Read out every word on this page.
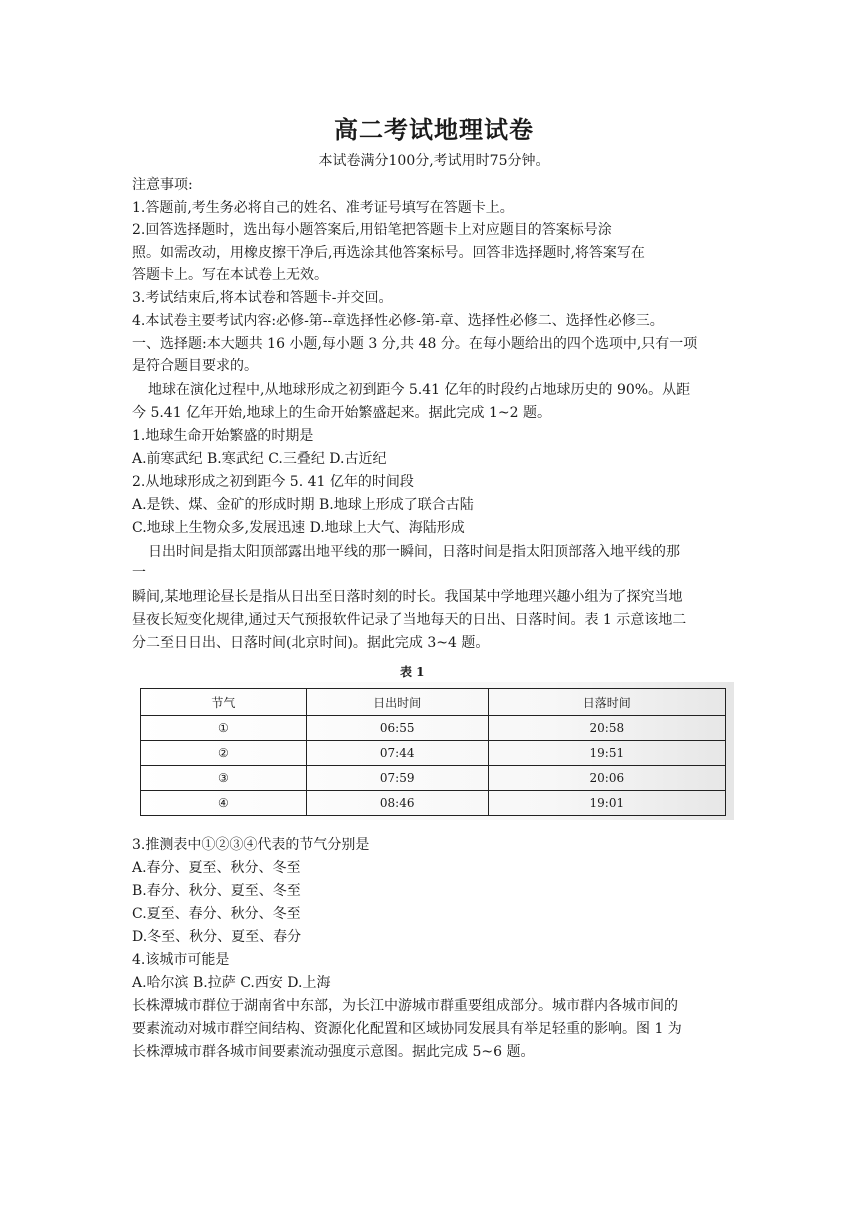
高二考试地理试卷
本试卷满分100分,考试用时75分钟。
注意事项:
1.答题前,考生务必将自己的姓名、准考证号填写在答题卡上。
2.回答选择题时，选出每小题答案后,用铅笔把答题卡上对应题目的答案标号涂
照。如需改动，用橡皮擦干净后,再选涂其他答案标号。回答非选择题时,将答案写在
答题卡上。写在本试卷上无效。
3.考试结束后,将本试卷和答题卡-并交回。
4.本试卷主要考试内容:必修-第--章选择性必修-第-章、选择性必修二、选择性必修三。
一、选择题:本大题共 16 小题,每小题 3 分,共 48 分。在每小题给出的四个选项中,只有一项
是符合题目要求的。
地球在演化过程中,从地球形成之初到距今 5.41 亿年的时段约占地球历史的 90%。从距
今 5.41 亿年开始,地球上的生命开始繁盛起来。据此完成 1~2 题。
1.地球生命开始繁盛的时期是
A.前寒武纪 B.寒武纪 C.三叠纪 D.古近纪
2.从地球形成之初到距今 5. 41 亿年的时间段
A.是铁、煤、金矿的形成时期 B.地球上形成了联合古陆
C.地球上生物众多,发展迅速 D.地球上大气、海陆形成
日出时间是指太阳顶部露出地平线的那一瞬间，日落时间是指太阳顶部落入地平线的那
一
瞬间,某地理论昼长是指从日出至日落时刻的时长。我国某中学地理兴趣小组为了探究当地
昼夜长短变化规律,通过天气预报软件记录了当地每天的日出、日落时间。表 1 示意该地二
分二至日日出、日落时间(北京时间)。据此完成 3~4 题。
表 1
节气	日出时间	日落时间
①	06:55	20:58
②	07:44	19:51
③	07:59	20:06
④	08:46	19:01
3.推测表中①②③④代表的节气分别是
A.春分、夏至、秋分、冬至
B.春分、秋分、夏至、冬至
C.夏至、春分、秋分、冬至
D.冬至、秋分、夏至、春分
4.该城市可能是
A.哈尔滨 B.拉萨 C.西安 D.上海
长株潭城市群位于湖南省中东部，为长江中游城市群重要组成部分。城市群内各城市间的
要素流动对城市群空间结构、资源化化配置和区域协同发展具有举足轻重的影响。图 1 为
长株潭城市群各城市间要素流动强度示意图。据此完成 5~6 题。
